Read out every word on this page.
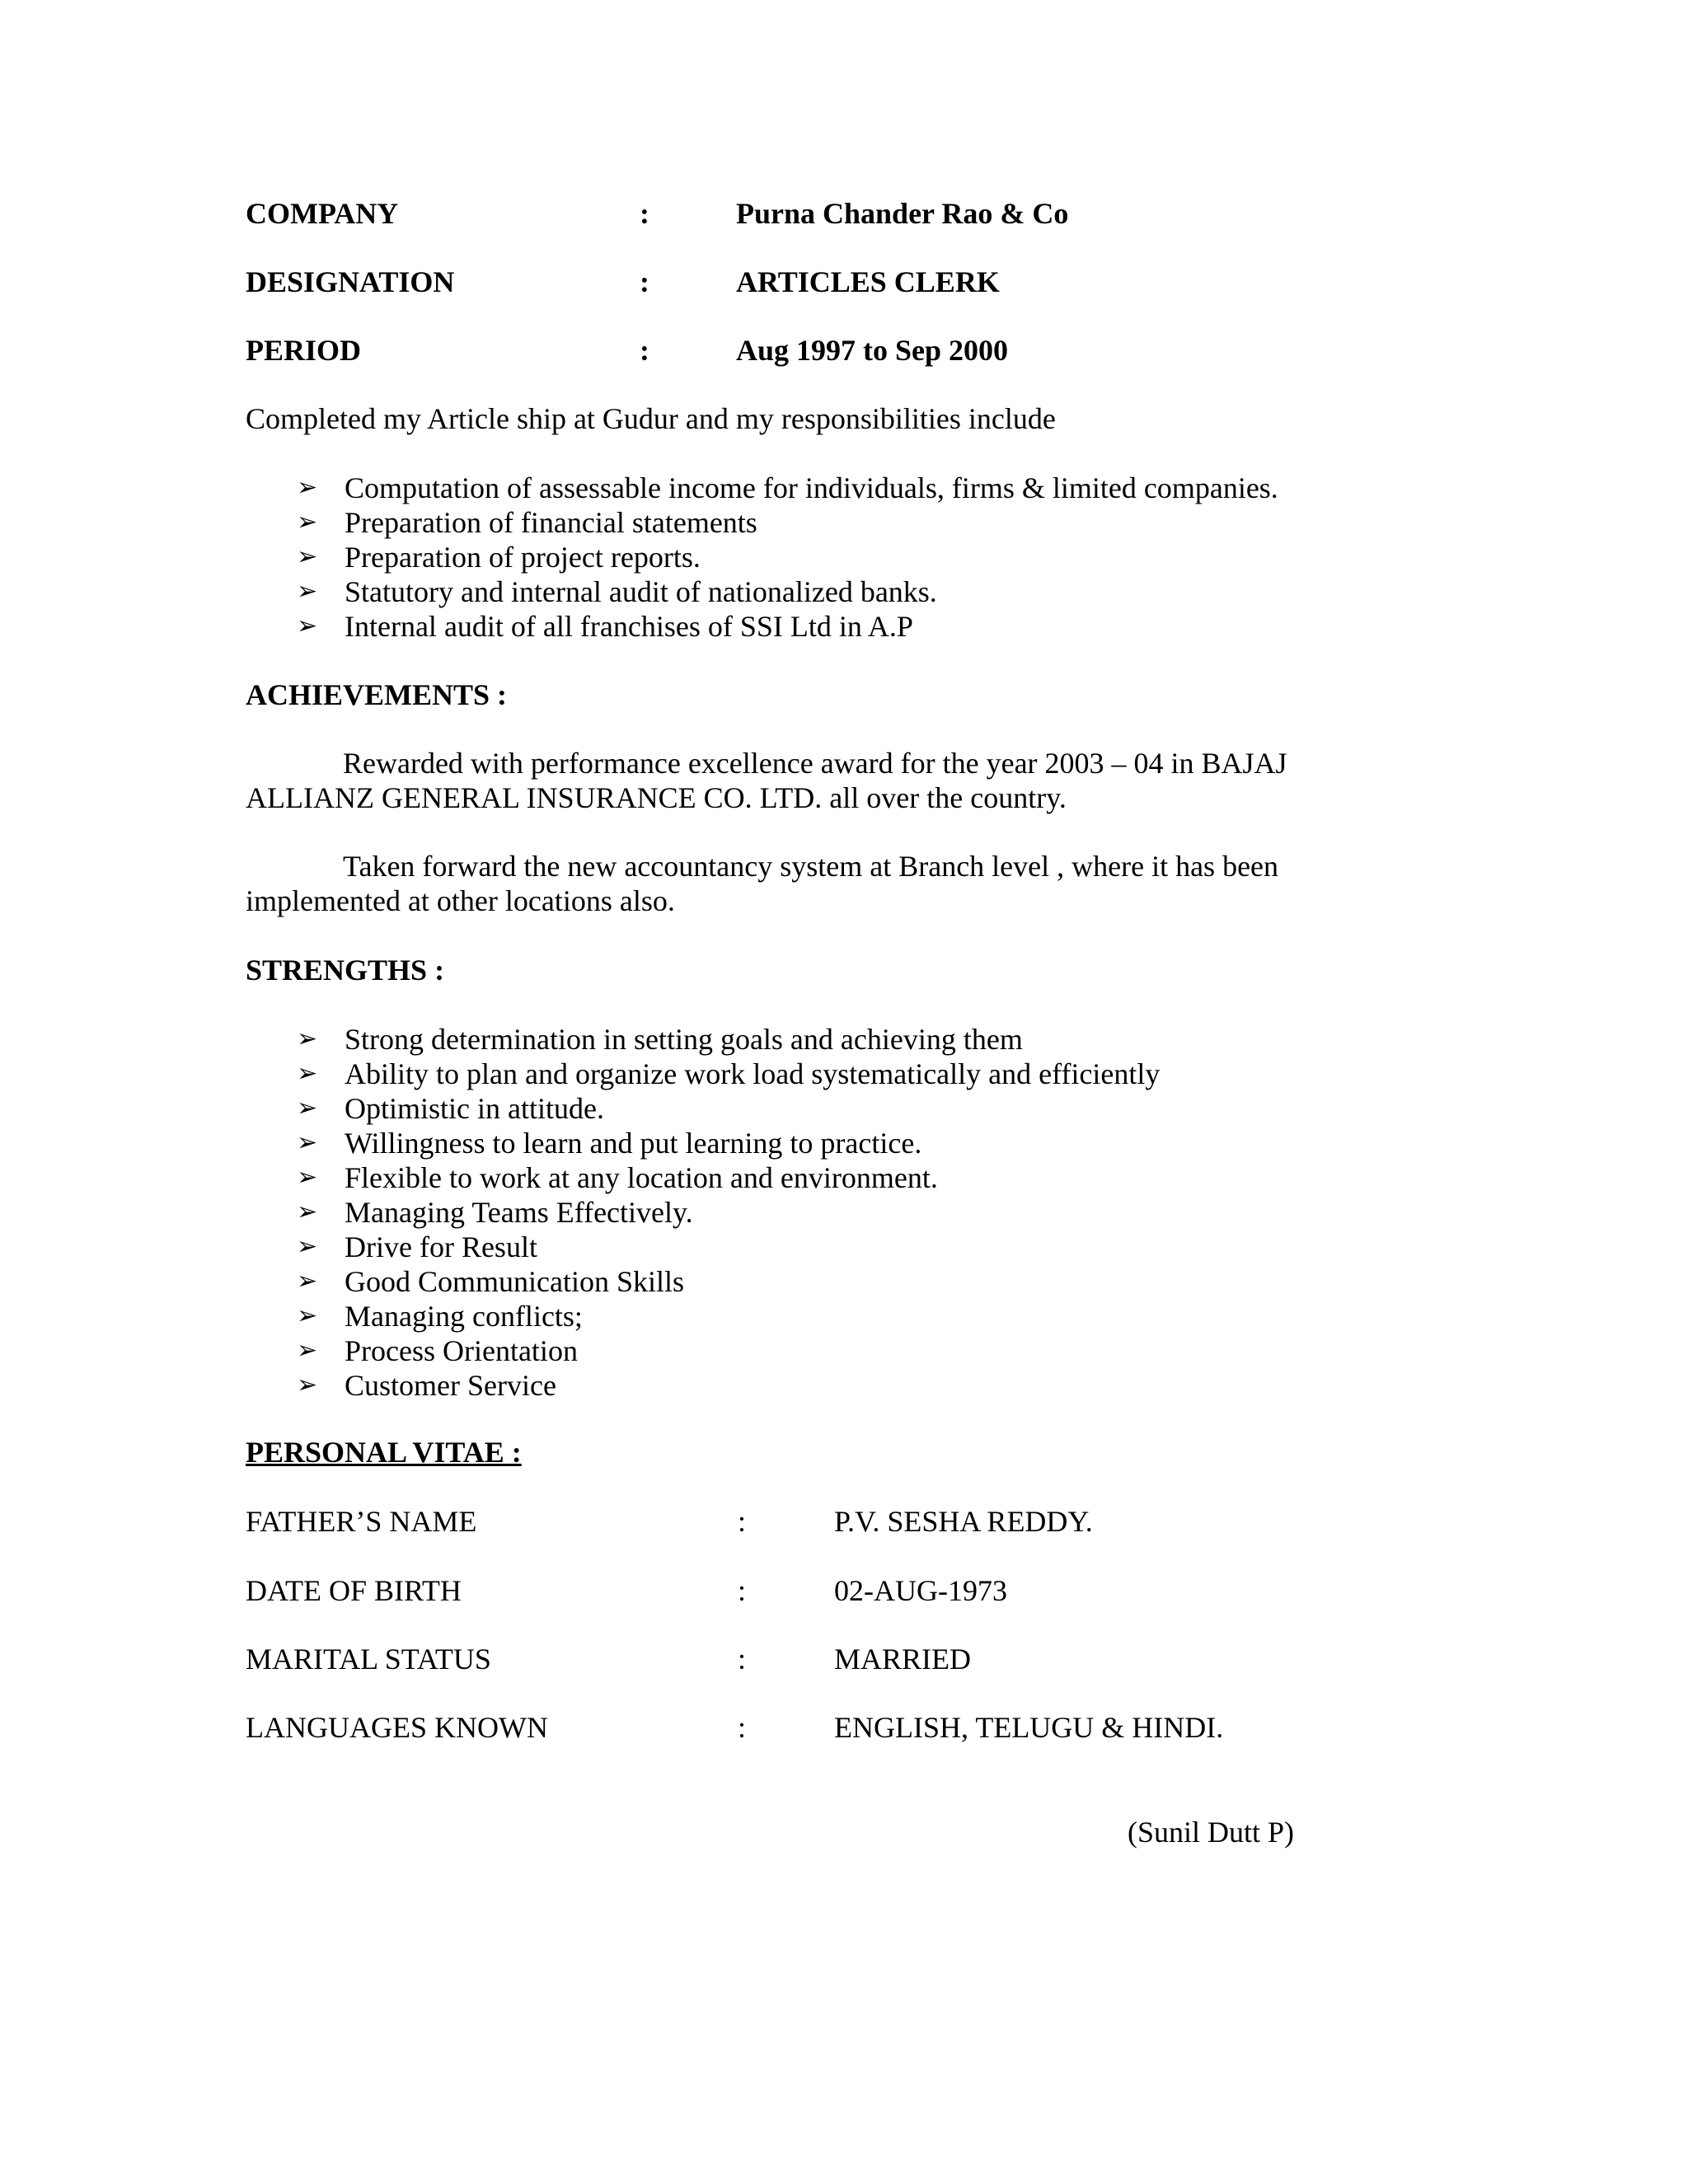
COMPANY	:	Purna Chander Rao & Co
DESIGNATION	:	ARTICLES CLERK
PERIOD	:	Aug 1997 to Sep 2000
Completed my Article ship at Gudur and my responsibilities include
➢ Computation of assessable income for individuals, firms & limited companies.
➢ Preparation of financial statements
➢ Preparation of project reports.
➢ Statutory and internal audit of nationalized banks.
➢ Internal audit of all franchises of SSI Ltd in A.P
ACHIEVEMENTS :
Rewarded with performance excellence award for the year 2003 – 04 in BAJAJ
ALLIANZ GENERAL INSURANCE CO. LTD. all over the country.
Taken forward the new accountancy system at Branch level , where it has been
implemented at other locations also.
STRENGTHS :
➢ Strong determination in setting goals and achieving them
➢ Ability to plan and organize work load systematically and efficiently
➢ Optimistic in attitude.
➢ Willingness to learn and put learning to practice.
➢ Flexible to work at any location and environment.
➢ Managing Teams Effectively.
➢ Drive for Result
➢ Good Communication Skills
➢ Managing conflicts;
➢ Process Orientation
➢ Customer Service
PERSONAL VITAE :
FATHER’S NAME	:	P.V. SESHA REDDY.
DATE OF BIRTH	:	02-AUG-1973
MARITAL STATUS	:	MARRIED
LANGUAGES KNOWN	:	ENGLISH, TELUGU & HINDI.
(Sunil Dutt P)
